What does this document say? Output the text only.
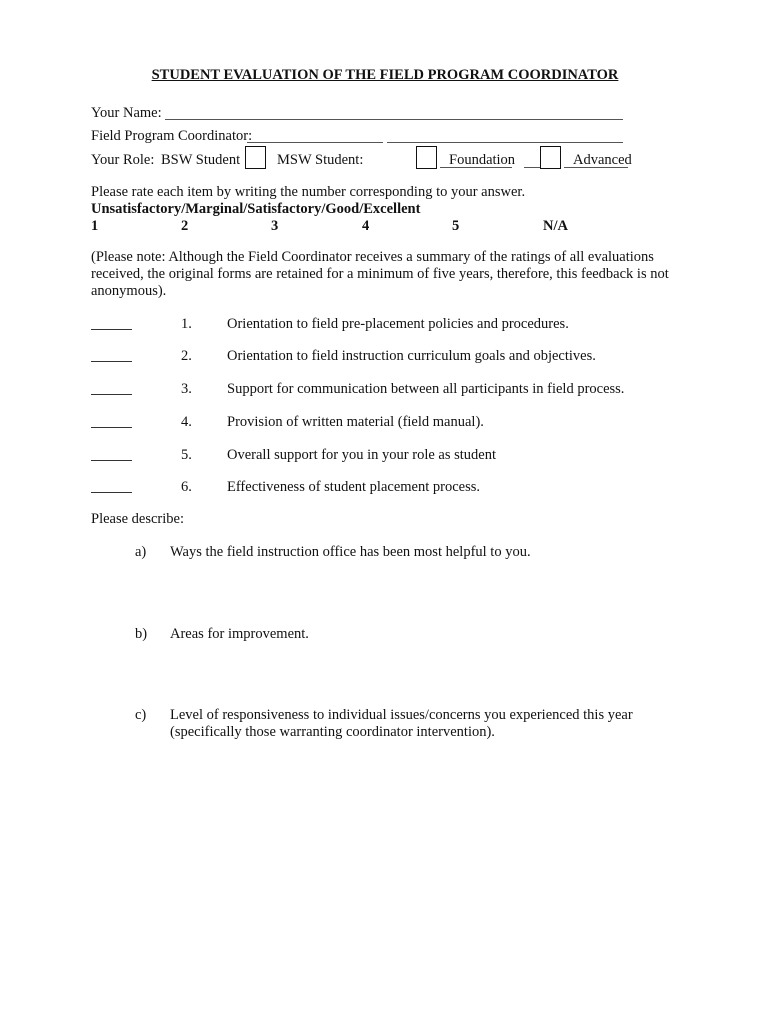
STUDENT EVALUATION OF THE FIELD PROGRAM COORDINATOR
Your Name:
Field Program Coordinator:
Your Role: BSW Student	MSW Student:	Foundation	Advanced
Please rate each item by writing the number corresponding to your answer.
Unsatisfactory/Marginal/Satisfactory/Good/Excellent
1	2	3	4	5	N/A
(Please note: Although the Field Coordinator receives a summary of the ratings of all evaluations
received, the original forms are retained for a minimum of five years, therefore, this feedback is not
anonymous).
1. Orientation to field pre-placement policies and procedures.
2. Orientation to field instruction curriculum goals and objectives.
3. Support for communication between all participants in field process.
4. Provision of written material (field manual).
5. Overall support for you in your role as student
6. Effectiveness of student placement process.
Please describe:
a) Ways the field instruction office has been most helpful to you.
b) Areas for improvement.
c) Level of responsiveness to individual issues/concerns you experienced this year
(specifically those warranting coordinator intervention).
